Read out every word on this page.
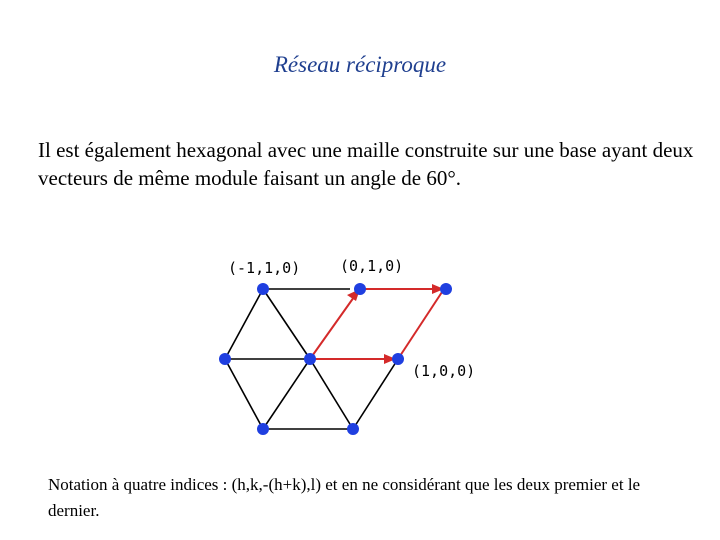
Réseau réciproque
Il est également hexagonal avec une maille construite sur une base ayant deux vecteurs de même module faisant un angle de 60°.
(-1,1,0)	(0,1,0)
(1,0,0)
Notation à quatre indices : (h,k,-(h+k),l) et en ne considérant que les deux premier et le dernier.
